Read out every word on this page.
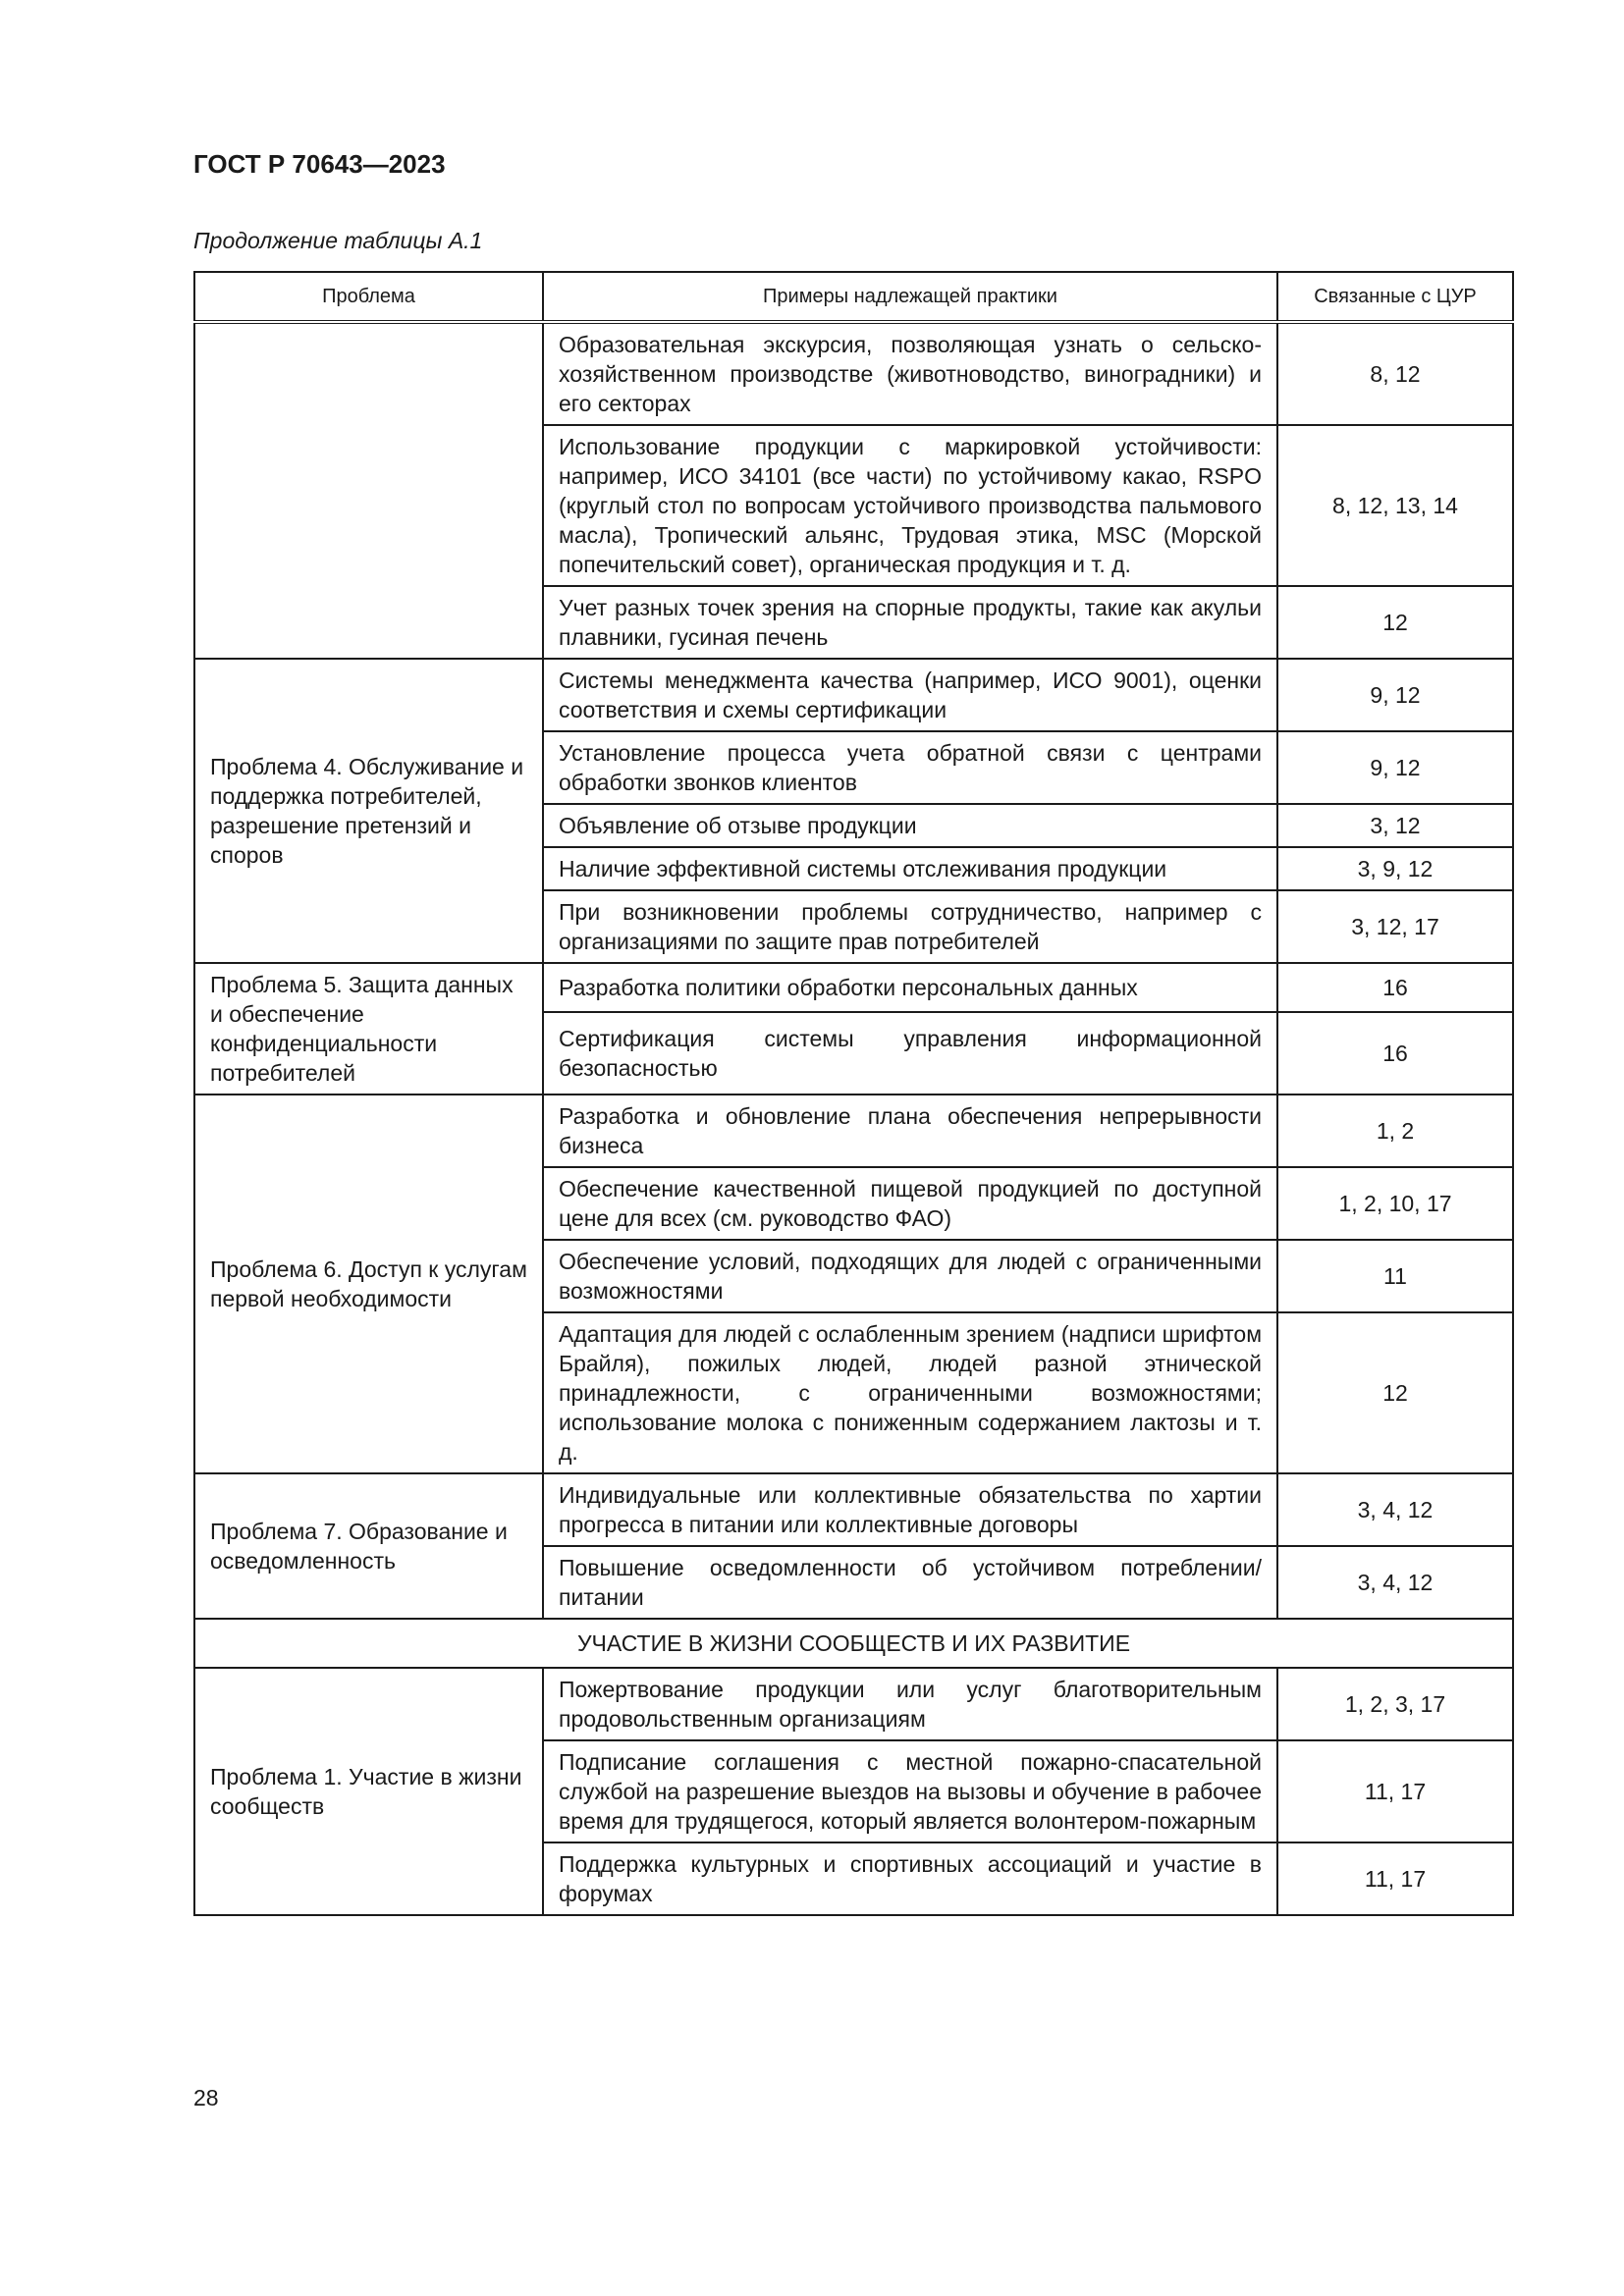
ГОСТ Р 70643—2023
Продолжение таблицы А.1
Проблема	Примеры надлежащей практики	Связанные с ЦУР
	Образовательная экскурсия, позволяющая узнать о сельскохозяйственном производстве (животноводство, виноградники) и его секторах	8, 12
	Использование продукции с маркировкой устойчивости: например, ИСО 34101 (все части) по устойчивому какао, RSPO (круглый стол по вопросам устойчивого производства пальмового масла), Тропический альянс, Трудовая этика, MSC (Морской попечительский совет), органическая продукция и т. д.	8, 12, 13, 14
	Учет разных точек зрения на спорные продукты, такие как акульи плавники, гусиная печень	12
Проблема 4. Обслуживание и поддержка потребителей, разрешение претензий и споров	Системы менеджмента качества (например, ИСО 9001), оценки соответствия и схемы сертификации	9, 12
	Установление процесса учета обратной связи с центрами обработки звонков клиентов	9, 12
	Объявление об отзыве продукции	3, 12
	Наличие эффективной системы отслеживания продукции	3, 9, 12
	При возникновении проблемы сотрудничество, например с организациями по защите прав потребителей	3, 12, 17
Проблема 5. Защита данных и обеспечение конфиденциальности потребителей	Разработка политики обработки персональных данных	16
	Сертификация системы управления информационной безопасностью	16
Проблема 6. Доступ к услугам первой необходимости	Разработка и обновление плана обеспечения непрерывности бизнеса	1, 2
	Обеспечение качественной пищевой продукцией по доступной цене для всех (см. руководство ФАО)	1, 2, 10, 17
	Обеспечение условий, подходящих для людей с ограниченными возможностями	11
	Адаптация для людей с ослабленным зрением (надписи шрифтом Брайля), пожилых людей, людей разной этнической принадлежности, с ограниченными возможностями; использование молока с пониженным содержанием лактозы и т. д.	12
Проблема 7. Образование и осведомленность	Индивидуальные или коллективные обязательства по хартии прогресса в питании или коллективные договоры	3, 4, 12
	Повышение осведомленности об устойчивом потреблении/питании	3, 4, 12
УЧАСТИЕ В ЖИЗНИ СООБЩЕСТВ И ИХ РАЗВИТИЕ		
Проблема 1. Участие в жизни сообществ	Пожертвование продукции или услуг благотворительным продовольственным организациям	1, 2, 3, 17
	Подписание соглашения с местной пожарно-спасательной службой на разрешение выездов на вызовы и обучение в рабочее время для трудящегося, который является волонтером-пожарным	11, 17
	Поддержка культурных и спортивных ассоциаций и участие в форумах	11, 17
28
